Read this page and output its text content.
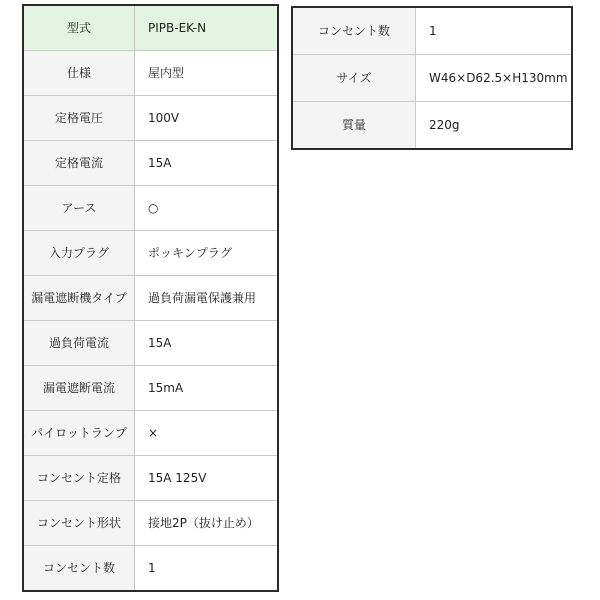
型式	PIPB-EK-N
仕様	屋内型
定格電圧	100V
定格電流	15A
アース	○
入力プラグ	ポッキンプラグ
漏電遮断機タイプ	過負荷漏電保護兼用
過負荷電流	15A
漏電遮断電流	15mA
パイロットランプ	×
コンセント定格	15A 125V
コンセント形状	接地2P（抜け止め）
コンセント数	1
コンセント数	1
サイズ	W46×D62.5×H130mm
質量	220g
